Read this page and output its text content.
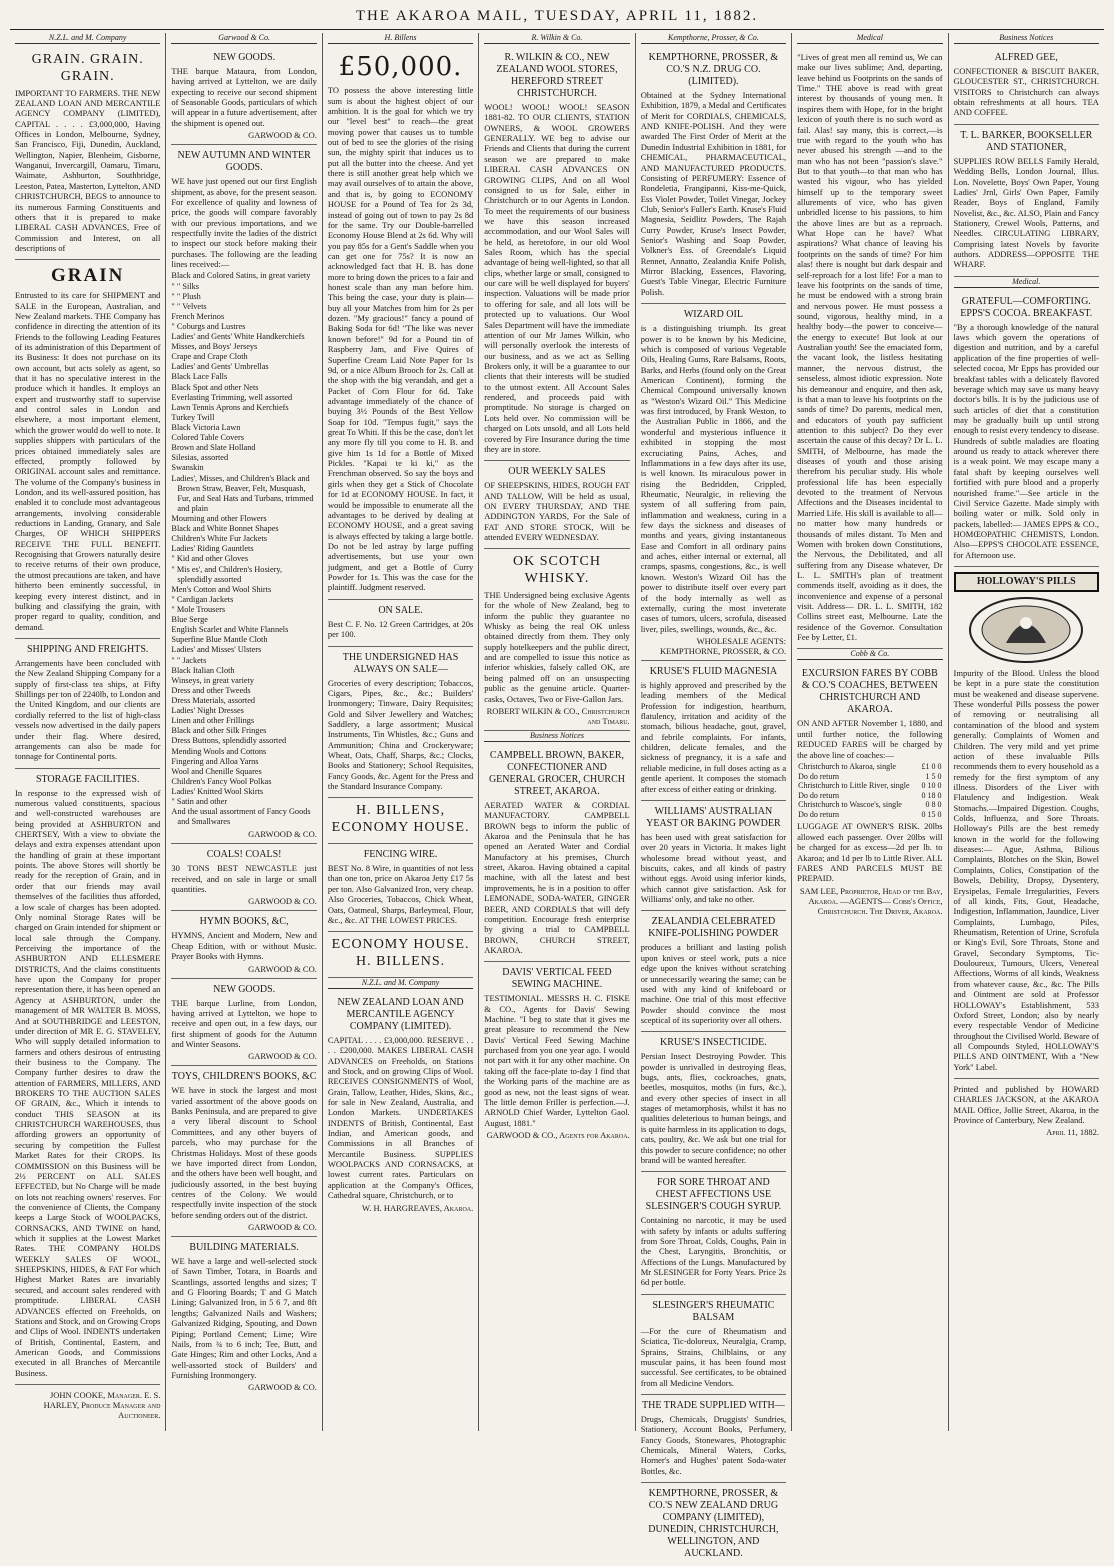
THE AKAROA MAIL, TUESDAY, APRIL 11, 1882.
N.Z.L. and M. Company
GRAIN. GRAIN. GRAIN.
IMPORTANT TO FARMERS. THE NEW ZEALAND LOAN AND MERCANTILE AGENCY COMPANY (LIMITED), CAPITAL . . . . £3,000,000, Having Offices in London, Melbourne, Sydney, San Francisco, Fiji, Dunedin, Auckland, Wellington, Napier, Blenheim, Gisborne, Wanganui, Invercargill, Oamaru, Timaru, Waimate, Ashburton, Southbridge, Leeston, Patea, Masterton, Lyttelton, AND CHRISTCHURCH, BEGS to announce to its numerous Farming Constituents and others that it is prepared to make LIBERAL CASH ADVANCES, Free of Commission and Interest, on all descriptions of
GRAIN
Entrusted to its care for SHIPMENT and SALE in the European, Australian, and New Zealand markets. THE Company has confidence in directing the attention of its Friends to the following Leading Features of its administration of this Department of its Business: It does not purchase on its own account, but acts solely as agent, so that it has no speculative interest in the produce which it handles. It employs an expert and trustworthy staff to supervise and control sales in London and elsewhere, a most important element, which the grower would do well to note. It supplies shippers with particulars of the prices obtained immediately sales are effected, promptly followed by ORIGINAL account sales and remittance. The volume of the Company's business in London, and its well-assured position, has enabled it to conclude most advantageous arrangements, involving considerable reductions in Landing, Granary, and Sale Charges, OF WHICH SHIPPERS RECEIVE THE FULL BENEFIT. Recognising that Growers naturally desire to receive returns of their own produce, the utmost precautions are taken, and have hitherto been eminently successful, in keeping every interest distinct, and in bulking and classifying the grain, with proper regard to quality, condition, and demand.
SHIPPING AND FREIGHTS.
Arrangements have been concluded with the New Zealand Shipping Company for a supply of first-class tea ships, at Fifty Shillings per ton of 2240lb, to London and the United Kingdom, and our clients are cordially referred to the list of high-class vessels now advertised in the daily papers under their flag. Where desired, arrangements can also be made for tonnage for Continental ports.
STORAGE FACILITIES.
In response to the expressed wish of numerous valued constituents, spacious and well-constructed warehouses are being provided at ASHBURTON and CHERTSEY, With a view to obviate the delays and extra expenses attendant upon the handling of grain at these important points. The above Stores will shortly be ready for the reception of Grain, and in order that our friends may avail themselves of the facilities thus afforded, a low scale of charges has been adopted. Only nominal Storage Rates will be charged on Grain intended for shipment or local sale through the Company. Perceiving the importance of the ASHBURTON AND ELLESMERE DISTRICTS, And the claims constituents have upon the Company for proper representation there, it has been opened an Agency at ASHBURTON, under the management of MR WALTER B. MOSS, And at SOUTHBRIDGE and LEESTON, under direction of MR E. G. STAVELEY, Who will supply detailed information to farmers and others desirous of entrusting their business to the Company. The Company further desires to draw the attention of FARMERS, MILLERS, AND BROKERS TO THE AUCTION SALES OF GRAIN, &c., Which it intends to conduct THIS SEASON at its CHRISTCHURCH WAREHOUSES, thus affording growers an opportunity of securing by competition the Fullest Market Rates for their CROPS. Its COMMISSION on this Business will be 2½ PERCENT on ALL SALES EFFECTED, but No Charge will be made on lots not reaching owners' reserves. For the convenience of Clients, the Company keeps a Large Stock of WOOLPACKS, CORNSACKS, AND TWINE on hand, which it supplies at the Lowest Market Rates. THE COMPANY HOLDS WEEKLY SALES OF WOOL, SHEEPSKINS, HIDES, & FAT For which Highest Market Rates are invariably secured, and account sales rendered with promptitude. LIBERAL CASH ADVANCES effected on Freeholds, on Stations and Stock, and on Growing Crops and Clips of Wool. INDENTS undertaken of British, Continental, Eastern, and American Goods, and Commissions executed in all Branches of Mercantile Business.
JOHN COOKE, Manager. E. S. HARLEY, Produce Manager and Auctioneer.
Garwood & Co.
NEW GOODS.
THE barque Mataura, from London, having arrived at Lyttelton, we are daily expecting to receive our second shipment of Seasonable Goods, particulars of which will appear in a future advertisement, after the shipment is opened out.
GARWOOD & CO.
NEW AUTUMN AND WINTER GOODS.
WE have just opened out our first English shipment, as above, for the present season. For excellence of quality and lowness of price, the goods will compare favorably with our previous importations, and we respectfully invite the ladies of the district to inspect our stock before making their purchases. The following are the leading lines received:—
Black and Colored Satins, in great variety
" " Silks
" " Plush
" " Velvets
French Merinos
" Coburgs and Lustres
Ladies' and Gents' White Handkerchiefs
Misses, and Boys' Jerseys
Crape and Crape Cloth
Ladies' and Gents' Umbrellas
Black Lace Falls
Black Spot and other Nets
Everlasting Trimming, well assorted
Lawn Tennis Aprons and Kerchiefs
Turkey Twill
Black Victoria Lawn
Colored Table Covers
Brown and Slate Holland
Silesias, assorted
Swanskin
Ladies', Misses, and Children's Black and Brown Straw, Beaver, Felt, Musquash, Fur, and Seal Hats and Turbans, trimmed and plain
Mourning and other Flowers
Black and White Bonnet Shapes
Children's White Fur Jackets
Ladies' Riding Gauntlets
" Kid and other Gloves
" Mis es', and Children's Hosiery, splendidly assorted
Men's Cotton and Wool Shirts
" Cardigan Jackets
" Mole Trousers
Blue Serge
English Scarlet and White Flannels
Superfine Blue Mantle Cloth
Ladies' and Misses' Ulsters
" " Jackets
Black Italian Cloth
Winseys, in great variety
Dress and other Tweeds
Dress Materials, assorted
Ladies' Night Dresses
Linen and other Frillings
Black and other Silk Fringes
Dress Buttons, splendidly assorted
Mending Wools and Cottons
Fingering and Alloa Yarns
Wool and Chenille Squares
Children's Fancy Wool Polkas
Ladies' Knitted Wool Skirts
" Satin and other
And the usual assortment of Fancy Goods and Smallwares
GARWOOD & CO.
COALS! COALS!
30 TONS BEST NEWCASTLE just received, and on sale in large or small quantities.
GARWOOD & CO.
HYMN BOOKS, &C,
HYMNS, Ancient and Modern, New and Cheap Edition, with or without Music. Prayer Books with Hymns.
GARWOOD & CO.
NEW GOODS.
THE barque Lurline, from London, having arrived at Lyttelton, we hope to receive and open out, in a few days, our first shipment of goods for the Autumn and Winter Seasons.
GARWOOD & CO.
TOYS, CHILDREN'S BOOKS, &C
WE have in stock the largest and most varied assortment of the above goods on Banks Peninsula, and are prepared to give a very liberal discount to School Committees, and any other buyers of parcels, who may purchase for the Christmas Holidays. Most of these goods we have imported direct from London, and the others have been well bought, and judiciously assorted, in the best buying centres of the Colony. We would respectfully invite inspection of the stock before sending orders out of the district.
GARWOOD & CO.
BUILDING MATERIALS.
WE have a large and well-selected stock of Sawn Timber, Totara, in Boards and Scantlings, assorted lengths and sizes; T and G Flooring Boards; T and G Match Lining; Galvanized Iron, in 5 6 7, and 8ft lengths; Galvanized Nails and Washers; Galvanized Ridging, Spouting, and Down Piping; Portland Cement; Lime; Wire Nails, from ¾ to 6 inch; Tee, Butt, and Gate Hinges; Rim and other Locks, And a well-assorted stock of Builders' and Furnishing Ironmongery.
GARWOOD & CO.
H. Billens
£50,000.
TO possess the above interesting little sum is about the highest object of our ambition. It is the goal for which we try our "level best" to reach—the great moving power that causes us to tumble out of bed to see the glories of the rising sun, the mighty spirit that induces us to put all the butter into the cheese. And yet there is still another great help which we may avail ourselves of to attain the above, and that is, by going to ECONOMY HOUSE for a Pound of Tea for 2s 3d, instead of going out of town to pay 2s 8d for the same. Try our Double-barrelled Economy House Blend at 2s 6d. Why will you pay 85s for a Gent's Saddle when you can get one for 75s? It is now an acknowledged fact that H. B. has done more to bring down the prices to a fair and honest scale than any man before him. This being the case, your duty is plain—buy all your Matches from him for 2s per dozen. "My gracious!" fancy a pound of Baking Soda for 6d! "The like was never known before!" 9d for a Pound tin of Raspberry Jam, and Five Quires of Superfine Cream Laid Note Paper for 1s 9d, or a nice Album Brooch for 2s. Call at the shop with the big verandah, and get a Packet of Corn Flour for 6d. Take advantage immediately of the chance of buying 3½ Pounds of the Best Yellow Soap for 10d. "Tempus fugit," says the great To Whiti. If this be the case, don't let any more fly till you come to H. B. and give him 1s 1d for a Bottle of Mixed Pickles. "Kapai te ki ki," as the Frenchman observed. So say the boys and girls when they get a Stick of Chocolate for 1d at ECONOMY HOUSE. In fact, it would be impossible to enumerate all the advantages to be derived by dealing at ECONOMY HOUSE, and a great saving is always effected by taking a large bottle. Do not be led astray by large puffing advertisements, but use your own judgment, and get a Bottle of Curry Powder for 1s. This was the case for the plaintiff. Judgment reserved.
ON SALE.
Best C. F. No. 12 Green Cartridges, at 20s per 100.
THE UNDERSIGNED HAS ALWAYS ON SALE—
Groceries of every description; Tobaccos, Cigars, Pipes, &c., &c.; Builders' Ironmongery; Tinware, Dairy Requisites; Gold and Silver Jewellery and Watches; Saddlery, a large assortment; Musical Instruments, Tin Whistles, &c.; Guns and Ammunition; China and Crockeryware; Wheat, Oats, Chaff, Sharps, &c.; Clocks, Books and Stationery; School Requisites, Fancy Goods, &c. Agent for the Press and the Standard Insurance Company.
H. BILLENS, ECONOMY HOUSE.
FENCING WIRE.
BEST No. 8 Wire, in quantities of not less than one ton, price on Akaroa Jetty £17 5s per ton. Also Galvanized Iron, very cheap. Also Groceries, Tobaccos, Chick Wheat, Oats, Oatmeal, Sharps, Barleymeal, Flour, &c., &c. AT THE LOWEST PRICES.
ECONOMY HOUSE. H. BILLENS.
N.Z.L. and M. Company
NEW ZEALAND LOAN AND MERCANTILE AGENCY COMPANY (LIMITED).
CAPITAL . . . . £3,000,000. RESERVE . . . . £200,000. MAKES LIBERAL CASH ADVANCES on Freeholds, on Stations and Stock, and on growing Clips of Wool. RECEIVES CONSIGNMENTS of Wool, Grain, Tallow, Leather, Hides, Skins, &c., for sale in New Zealand, Australia, and London Markets. UNDERTAKES INDENTS of British, Continental, East Indian, and American goods, and Commissions in all Branches of Mercantile Business. SUPPLIES WOOLPACKS AND CORNSACKS, at lowest current rates. Particulars on application at the Company's Offices, Cathedral square, Christchurch, or to
W. H. HARGREAVES, Akaroa.
R. Wilkin & Co.
R. WILKIN & CO., NEW ZEALAND WOOL STORES, HEREFORD STREET CHRISTCHURCH.
WOOL! WOOL! WOOL! SEASON 1881-82. TO OUR CLIENTS, STATION OWNERS, & WOOL GROWERS GENERALLY. WE beg to advise our Friends and Clients that during the current season we are prepared to make LIBERAL CASH ADVANCES ON GROWING CLIPS, And on all Wool consigned to us for Sale, either in Christchurch or to our Agents in London. To meet the requirements of our business we have this season increased accommodation, and our Wool Sales will be held, as heretofore, in our old Wool Sales Room, which has the special advantage of being well-lighted, so that all clips, whether large or small, consigned to our care will be well displayed for buyers' inspection. Valuations will be made prior to offering for sale, and all lots will be protected up to valuations. Our Wool Sales Department will have the immediate attention of our Mr James Wilkin, who will personally overlook the interests of our business, and as we act as Selling Brokers only, it will be a guarantee to our clients that their interests will be studied to the utmost extent. All Account Sales rendered, and proceeds paid with promptitude. No storage is charged on Lots held over. No commission will be charged on Lots unsold, and all Lots held covered by Fire Insurance during the time they are in store.
OUR WEEKLY SALES
OF SHEEPSKINS, HIDES, ROUGH FAT AND TALLOW, Will be held as usual, ON EVERY THURSDAY, AND THE ADDINGTON YARDS, For the Sale of FAT AND STORE STOCK, Will be attended EVERY WEDNESDAY.
OK SCOTCH WHISKY.
THE Undersigned being exclusive Agents for the whole of New Zealand, beg to inform the public they guarantee no Whisky as being the real OK unless obtained directly from them. They only supply hotelkeepers and the public direct, and are compelled to issue this notice as inferior whiskies, falsely called OK, are being palmed off on an unsuspecting public as the genuine article. Quarter-casks, Octaves, Two or Five-Gallon Jars.
ROBERT WILKIN & CO., Christchurch and Timaru.
Business Notices
CAMPBELL BROWN, BAKER, CONFECTIONER AND GENERAL GROCER, CHURCH STREET, AKAROA.
AERATED WATER & CORDIAL MANUFACTORY. CAMPBELL BROWN begs to inform the public of Akaroa and the Peninsula that he has opened an Aerated Water and Cordial Manufactory at his premises, Church street, Akaroa. Having obtained a capital machine, with all the latest and best improvements, he is in a position to offer LEMONADE, SODA-WATER, GINGER BEER, AND CORDIALS that will defy competition. Encourage fresh enterprise by giving a trial to CAMPBELL BROWN, CHURCH STREET, AKAROA.
DAVIS' VERTICAL FEED SEWING MACHINE.
TESTIMONIAL. MESSRS H. C. FISKE & CO., Agents for Davis' Sewing Machine. "I beg to state that it gives me great pleasure to recommend the New Davis' Vertical Feed Sewing Machine purchased from you one year ago. I would not part with it for any other machine. On taking off the face-plate to-day I find that the Working parts of the machine are as good as new, not the least signs of wear. The little demon Friller is perfection.—J. ARNOLD Chief Warder, Lyttelton Gaol. August, 1881."
GARWOOD & CO., Agents for Akaroa.
Kempthorne, Prosser, & Co.
KEMPTHORNE, PROSSER, & CO.'S N.Z. DRUG CO. (LIMITED).
Obtained at the Sydney International Exhibition, 1879, a Medal and Certificates of Merit for CORDIALS, CHEMICALS, AND KNIFE-POLISH. And they were awarded The First Order of Merit at the Dunedin Industrial Exhibition in 1881, for CHEMICAL, PHARMACEUTICAL, AND MANUFACTURED PRODUCTS. Consisting of PERFUMERY: Essence of Rondeletia, Frangipanni, Kiss-me-Quick, Ess Violet Powder, Toilet Vinegar, Jockey Club, Senior's Fuller's Earth. Kruse's Fluid Magnesia, Seidlitz Powders, The Rajah Curry Powder, Kruse's Insect Powder, Senior's Washing and Soap Powder, Volkner's Ess. of Greendale's Liquid Rennet, Annatto, Zealandia Knife Polish, Mirror Blacking, Essences, Flavoring, Guest's Table Vinegar, Electric Furniture Polish.
WIZARD OIL
is a distinguishing triumph. Its great power is to be known by his Medicine, which is composed of various Vegetable Oils, Healing Gums, Rare Balsams, Roots, Barks, and Herbs (found only on the Great American Continent), forming the Chemical Compound universally known as "Weston's Wizard Oil." This Medicine was first introduced, by Frank Weston, to the Australian Public in 1866, and the wonderful and mysterious influence it exhibited in stopping the most excruciating Pains, Aches, and Inflammations in a few days after its use, is well known. Its miraculous power in rising the Bedridden, Crippled, Rheumatic, Neuralgic, in relieving the system of all suffering from pain, inflammation and weakness, curing in a few days the sickness and diseases of months and years, giving instantaneous Ease and Comfort in all ordinary pains and aches, either internal or external, all cramps, spasms, congestions, &c., is well known. Weston's Wizard Oil has the power to distribute itself over every part of the body internally as well as externally, curing the most inveterate cases of tumors, ulcers, scrofula, diseased liver, piles, swellings, wounds, &c., &c.
WHOLESALE AGENTS: KEMPTHORNE, PROSSER, & CO.
KRUSE'S FLUID MAGNESIA
is highly approved and prescribed by the leading members of the Medical Profession for indigestion, heartburn, flatulency, irritation and acidity of the stomach, bilious headache, gout, gravel, and febrile complaints. For infants, children, delicate females, and the sickness of pregnancy, it is a safe and reliable medicine, in full doses acting as a gentle aperient. It composes the stomach after excess of either eating or drinking.
WILLIAMS' AUSTRALIAN YEAST OR BAKING POWDER
has been used with great satisfaction for over 20 years in Victoria. It makes light wholesome bread without yeast, and biscuits, cakes, and all kinds of pastry without eggs. Avoid using inferior kinds, which cannot give satisfaction. Ask for Williams' only, and take no other.
ZEALANDIA CELEBRATED KNIFE-POLISHING POWDER
produces a brilliant and lasting polish upon knives or steel work, puts a nice edge upon the knives without scratching or unnecessarily wearing the same; can be used with any kind of knifeboard or machine. One trial of this most effective Powder should convince the most sceptical of its superiority over all others.
KRUSE'S INSECTICIDE.
Persian Insect Destroying Powder. This powder is unrivalled in destroying fleas, bugs, ants, flies, cockroaches, gnats, beetles, mosquitos, moths (in furs, &c.), and every other species of insect in all stages of metamorphosis, whilst it has no qualities deleterious to human beings, and is quite harmless in its application to dogs, cats, poultry, &c. We ask but one trial for this powder to secure confidence; no other brand will be wanted hereafter.
FOR SORE THROAT AND CHEST AFFECTIONS USE SLESINGER'S COUGH SYRUP.
Containing no narcotic, it may be used with safety by infants or adults suffering from Sore Throat, Colds, Coughs, Pain in the Chest, Laryngitis, Bronchitis, or Affections of the Lungs. Manufactured by Mr SLESINGER for Forty Years. Price 2s 6d per bottle.
SLESINGER'S RHEUMATIC BALSAM
—For the cure of Rheumatism and Sciatica, Tic-doloreux, Neuralgia, Cramp, Sprains, Strains, Chilblains, or any muscular pains, it has been found most successful. See certificates, to be obtained from all Medicine Vendors.
THE TRADE SUPPLIED WITH—
Drugs, Chemicals, Druggists' Sundries, Stationery, Account Books, Perfumery, Fancy Goods, Stonewares, Photographic Chemicals, Mineral Waters, Corks, Horner's and Hughes' patent Soda-water Bottles, &c.
KEMPTHORNE, PROSSER, & CO.'S NEW ZEALAND DRUG COMPANY (LIMITED), DUNEDIN, CHRISTCHURCH, WELLINGTON, AND AUCKLAND.
Medical
"Lives of great men all remind us, We can make our lives sublime; And, departing, leave behind us Footprints on the sands of Time." THE above is read with great interest by thousands of young men. It inspires them with Hope, for in the bright lexicon of youth there is no such word as fail. Alas! say many, this is correct,—is true with regard to the youth who has never abused his strength —and to the man who has not been "passion's slave." But to that youth—to that man who has wasted his vigour, who has yielded himself up to the temporary sweet allurements of vice, who has given unbridled license to his passions, to him the above lines are but as a reproach. What Hope can he have? What aspirations? What chance of leaving his footprints on the sands of time? For him alas! there is nought but dark despair and self-reproach for a lost life! For a man to leave his footprints on the sands of time, he must be endowed with a strong brain and nervous power. He must possess a sound, vigorous, healthy mind, in a healthy body—the power to conceive—the energy to execute! But look at our Australian youth! See the emaciated form, the vacant look, the listless hesitating manner, the nervous distrust, the senseless, almost idiotic expression. Note his demeanour and enquire, and then ask, is that a man to leave his footprints on the sands of time? Do parents, medical men, and educators of youth pay sufficient attention to this subject? Do they ever ascertain the cause of this decay? Dr L. L. SMITH, of Melbourne, has made the diseases of youth and those arising therefrom his peculiar study. His whole professional life has been especially devoted to the treatment of Nervous Affections and the Diseases incidental to Married Life. His skill is available to all—no matter how many hundreds or thousands of miles distant. To Men and Women with broken down Constitutions, the Nervous, the Debilitated, and all suffering from any Disease whatever, Dr L. L. SMITH's plan of treatment commends itself, avoiding as it does, the inconvenience and expense of a personal visit. Address— DR. L. L. SMITH, 182 Collins street east, Melbourne. Late the residence of the Governor. Consultation Fee by Letter, £1.
Cobb & Co.
EXCURSION FARES BY COBB & CO.'S COACHES, BETWEEN CHRISTCHURCH AND AKAROA.
ON AND AFTER November 1, 1880, and until further notice, the following REDUCED FARES will be charged by the above line of coaches:—
Christchurch to Akaroa, single	£1 0 0
Do do return	1 5 0
Christchurch to Little River, single	0 10 0
Do do return	0 18 0
Christchurch to Wascoe's, single	0 8 0
Do do return	0 15 0
LUGGAGE AT OWNER'S RISK. 20lbs allowed each passenger. Over 20lbs will be charged for as excess—2d per lb. to Akaroa; and 1d per lb to Little River. ALL FARES AND PARCELS MUST BE PREPAID.
SAM LEE, Proprietor, Head of the Bay, Akaroa. —AGENTS— Cobb's Office, Christchurch. The Driver, Akaroa.
Business Notices
ALFRED GEE,
CONFECTIONER & BISCUIT BAKER, GLOUCESTER ST., CHRISTCHURCH. VISITORS to Christchurch can always obtain refreshments at all hours. TEA AND COFFEE.
T. L. BARKER, BOOKSELLER AND STATIONER,
SUPPLIES ROW BELLS Family Herald, Wedding Bells, London Journal, Illus. Lon. Novelette, Boys' Own Paper, Young Ladies' Jrnl, Girls' Own Paper, Family Reader, Boys of England, Family Novelist, &c., &c. ALSO, Plain and Fancy Stationery, Crewel Wools, Patterns, and Needles. CIRCULATING LIBRARY, Comprising latest Novels by favorite authors. ADDRESS—OPPOSITE THE WHARF.
Medical.
GRATEFUL—COMFORTING. EPPS'S COCOA. BREAKFAST.
"By a thorough knowledge of the natural laws which govern the operations of digestion and nutrition, and by a careful application of the fine properties of well-selected cocoa, Mr Epps has provided our breakfast tables with a delicately flavored beverage which may save us many heavy doctor's bills. It is by the judicious use of such articles of diet that a constitution may be gradually built up until strong enough to resist every tendency to disease. Hundreds of subtle maladies are floating around us ready to attack wherever there is a weak point. We may escape many a fatal shaft by keeping ourselves well fortified with pure blood and a properly nourished frame."—See article in the Civil Service Gazette. Made simply with boiling water or milk. Sold only in packets, labelled:— JAMES EPPS & CO., HOMŒOPATHIC CHEMISTS, London. Also—EPPS'S CHOCOLATE ESSENCE, for Afternoon use.
HOLLOWAY'S PILLS
Impurity of the Blood. Unless the blood be kept in a pure state the constitution must be weakened and disease supervene. These wonderful Pills possess the power of removing or neutralising all contamination of the blood and system generally. Complaints of Women and Children. The very mild and yet prime action of these invaluable Pills recommends them to every household as a remedy for the first symptom of any illness. Disorders of the Liver with Flatulency and Indigestion. Weak Stomachs.—Impaired Digestion. Coughs, Colds, Influenza, and Sore Throats. Holloway's Pills are the best remedy known in the world for the following diseases:— Ague, Asthma, Bilious Complaints, Blotches on the Skin, Bowel Complaints, Colics, Constipation of the Bowels, Debility, Dropsy, Dysentery, Erysipelas, Female Irregularities, Fevers of all kinds, Fits, Gout, Headache, Indigestion, Inflammation, Jaundice, Liver Complaints, Lumbago, Piles, Rheumatism, Retention of Urine, Scrofula or King's Evil, Sore Throats, Stone and Gravel, Secondary Symptoms, Tic-Douloureux, Tumours, Ulcers, Venereal Affections, Worms of all kinds, Weakness from whatever cause, &c., &c. The Pills and Ointment are sold at Professor HOLLOWAY's Establishment, 533 Oxford Street, London; also by nearly every respectable Vendor of Medicine throughout the Civilised World. Beware of all Compounds Styled, HOLLOWAY'S PILLS AND OINTMENT, With a "New York" Label.
Printed and published by HOWARD CHARLES JACKSON, at the AKAROA MAIL Office, Jollie Street, Akaroa, in the Province of Canterbury, New Zealand.
April 11, 1882.
